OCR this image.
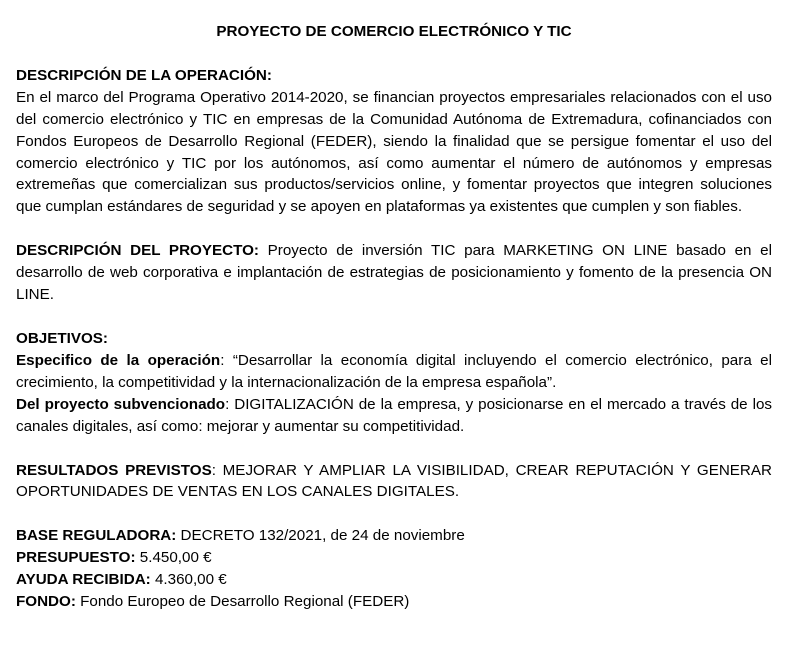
PROYECTO DE COMERCIO ELECTRÓNICO Y TIC

DESCRIPCIÓN DE LA OPERACIÓN:

En el marco del Programa Operativo 2014-2020, se financian proyectos empresariales relacionados con el uso del comercio electrónico y TIC en empresas de la Comunidad Autónoma de Extremadura, cofinanciados con Fondos Europeos de Desarrollo Regional (FEDER), siendo la finalidad que se persigue fomentar el uso del comercio electrónico y TIC por los autónomos, así como aumentar el número de autónomos y empresas extremeñas que comercializan sus productos/servicios online, y fomentar proyectos que integren soluciones que cumplan estándares de seguridad y se apoyen en plataformas ya existentes que cumplen y son fiables.

DESCRIPCIÓN DEL PROYECTO: Proyecto de inversión TIC para MARKETING ON LINE basado en el desarrollo de web corporativa e implantación de estrategias de posicionamiento y fomento de la presencia ON LINE.

OBJETIVOS:

Especifico de la operación: “Desarrollar la economía digital incluyendo el comercio electrónico, para el crecimiento, la competitividad y la internacionalización de la empresa española”.

Del proyecto subvencionado: DIGITALIZACIÓN de la empresa, y posicionarse en el mercado a través de los canales digitales, así como: mejorar y aumentar su competitividad.

RESULTADOS PREVISTOS: MEJORAR Y AMPLIAR LA VISIBILIDAD, CREAR REPUTACIÓN Y GENERAR OPORTUNIDADES DE VENTAS EN LOS CANALES DIGITALES.

BASE REGULADORA: DECRETO 132/2021, de 24 de noviembre

PRESUPUESTO: 5.450,00 €

AYUDA RECIBIDA: 4.360,00 €

FONDO: Fondo Europeo de Desarrollo Regional (FEDER)
